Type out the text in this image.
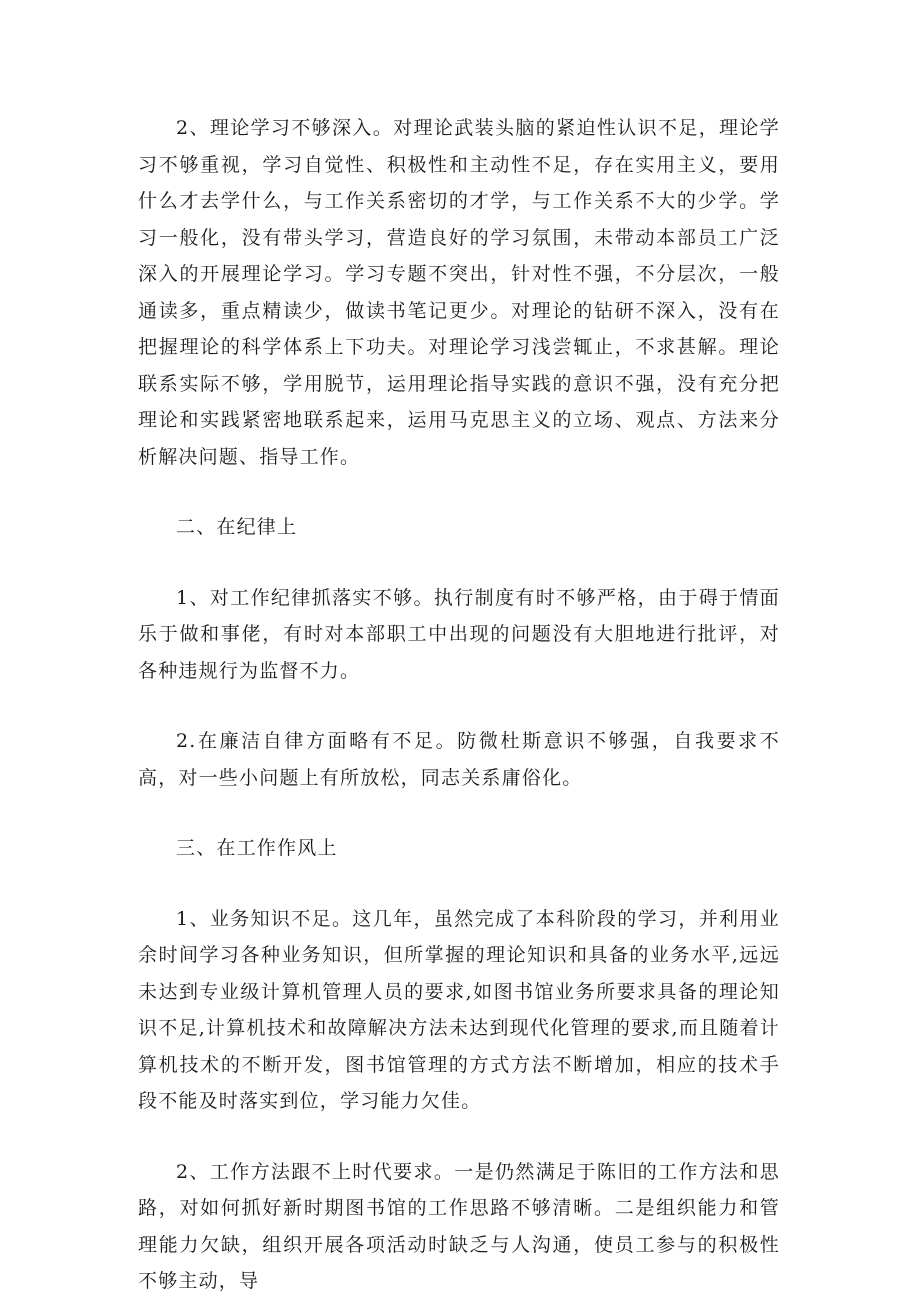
2、理论学习不够深入。对理论武装头脑的紧迫性认识不足，理论学习不够重视，学习自觉性、积极性和主动性不足，存在实用主义，要用什么才去学什么，与工作关系密切的才学，与工作关系不大的少学。学习一般化，没有带头学习，营造良好的学习氛围，未带动本部员工广泛深入的开展理论学习。学习专题不突出，针对性不强，不分层次，一般通读多，重点精读少，做读书笔记更少。对理论的钻研不深入，没有在把握理论的科学体系上下功夫。对理论学习浅尝辄止，不求甚解。理论联系实际不够，学用脱节，运用理论指导实践的意识不强，没有充分把理论和实践紧密地联系起来，运用马克思主义的立场、观点、方法来分析解决问题、指导工作。

二、在纪律上

1、对工作纪律抓落实不够。执行制度有时不够严格，由于碍于情面乐于做和事佬，有时对本部职工中出现的问题没有大胆地进行批评，对各种违规行为监督不力。

2.在廉洁自律方面略有不足。防微杜斯意识不够强，自我要求不高，对一些小问题上有所放松，同志关系庸俗化。

三、在工作作风上

1、业务知识不足。这几年，虽然完成了本科阶段的学习，并利用业余时间学习各种业务知识，但所掌握的理论知识和具备的业务水平,远远未达到专业级计算机管理人员的要求,如图书馆业务所要求具备的理论知识不足,计算机技术和故障解决方法未达到现代化管理的要求,而且随着计算机技术的不断开发，图书馆管理的方式方法不断增加，相应的技术手段不能及时落实到位，学习能力欠佳。

2、工作方法跟不上时代要求。一是仍然满足于陈旧的工作方法和思路，对如何抓好新时期图书馆的工作思路不够清晰。二是组织能力和管理能力欠缺，组织开展各项活动时缺乏与人沟通，使员工参与的积极性不够主动，导
